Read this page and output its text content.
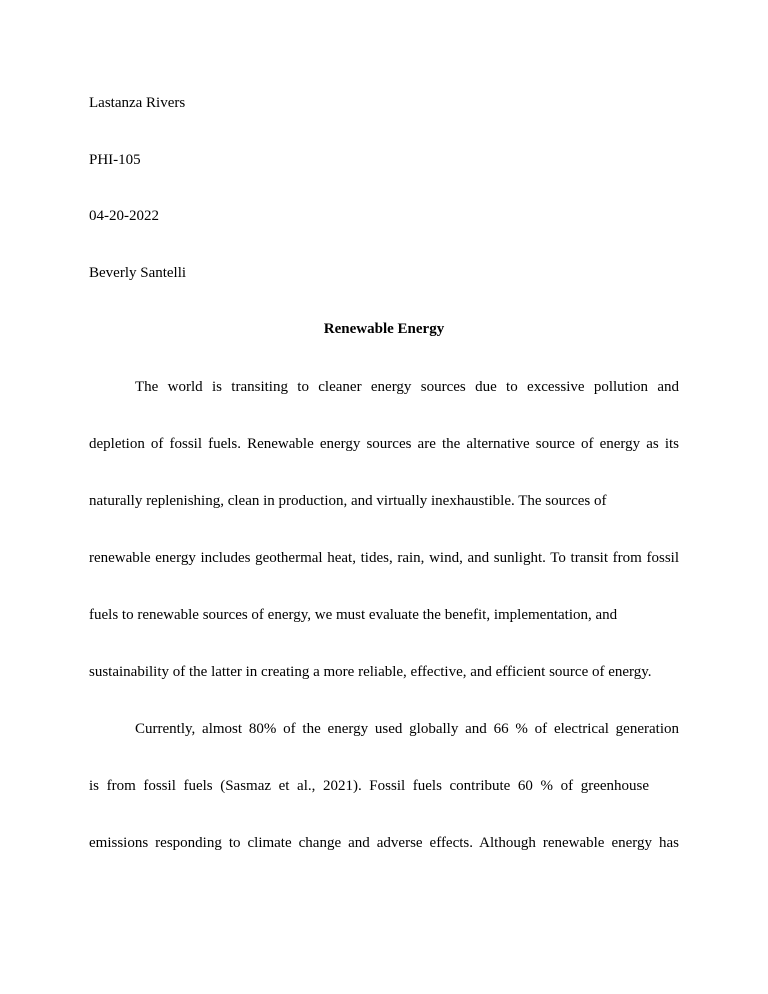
Lastanza Rivers
PHI-105
04-20-2022
Beverly Santelli
Renewable Energy
The world is transiting to cleaner energy sources due to excessive pollution and
depletion of fossil fuels. Renewable energy sources are the alternative source of energy as its
naturally replenishing, clean in production, and virtually inexhaustible. The sources of
renewable energy includes geothermal heat, tides, rain, wind, and sunlight. To transit from fossil
fuels to renewable sources of energy, we must evaluate the benefit, implementation, and
sustainability of the latter in creating a more reliable, effective, and efficient source of energy.
Currently, almost 80% of the energy used globally and 66 % of electrical generation
is from fossil fuels (Sasmaz et al., 2021). Fossil fuels contribute 60 % of greenhouse
emissions responding to climate change and adverse effects. Although renewable energy has
